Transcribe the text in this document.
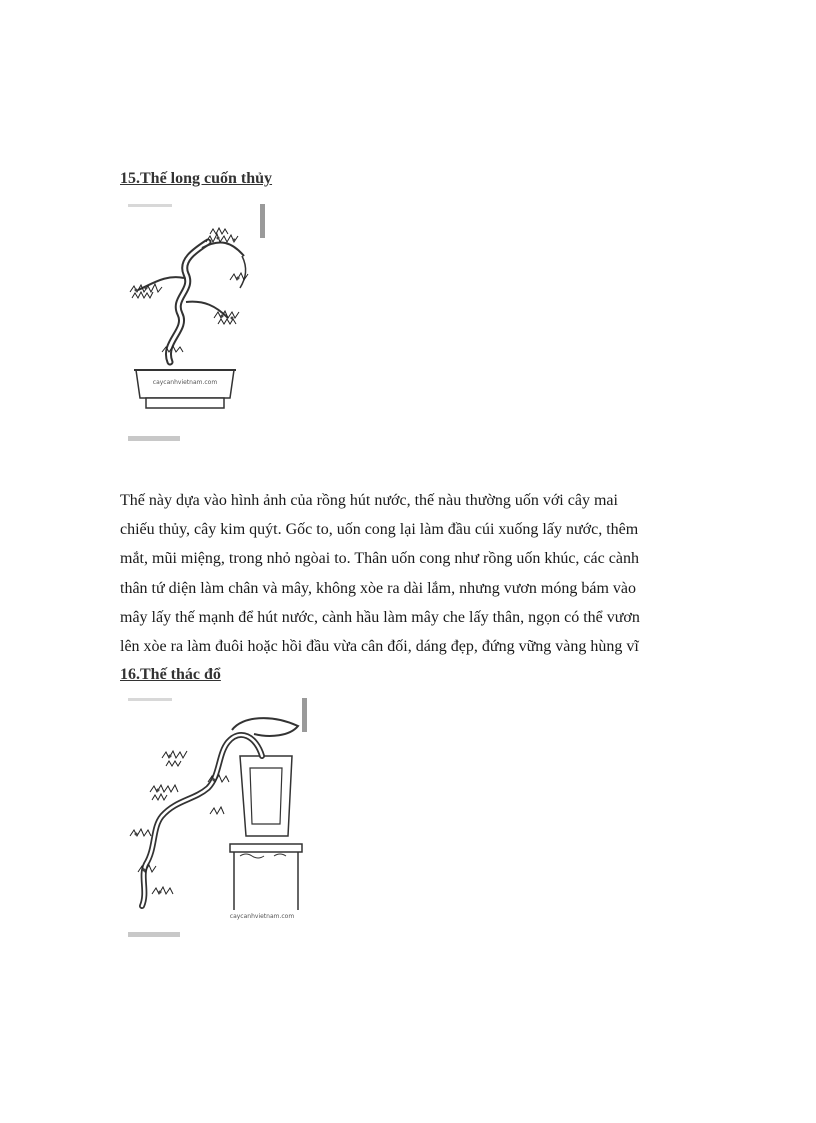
15.Thế long cuốn thủy
caycanhvietnam.com

Thế này dựa vào hình ảnh của rồng hút nước, thế nàu thường uốn với cây mai
chiếu thủy, cây kim quýt. Gốc to, uốn cong lại làm đầu cúi xuống lấy nước, thêm
mắt, mũi miệng, trong nhỏ ngòai to. Thân uốn cong như rồng uốn khúc, các cành
thân tứ diện làm chân và mây, không xòe ra dài lắm, nhưng vươn móng bám vào
mây lấy thế mạnh để hút nước, cành hầu làm mây che lấy thân, ngọn có thể vươn
lên xòe ra làm đuôi hoặc hồi đầu vừa cân đối, dáng đẹp, đứng vững vàng hùng vĩ

16.Thế thác đổ
caycanhvietnam.com
